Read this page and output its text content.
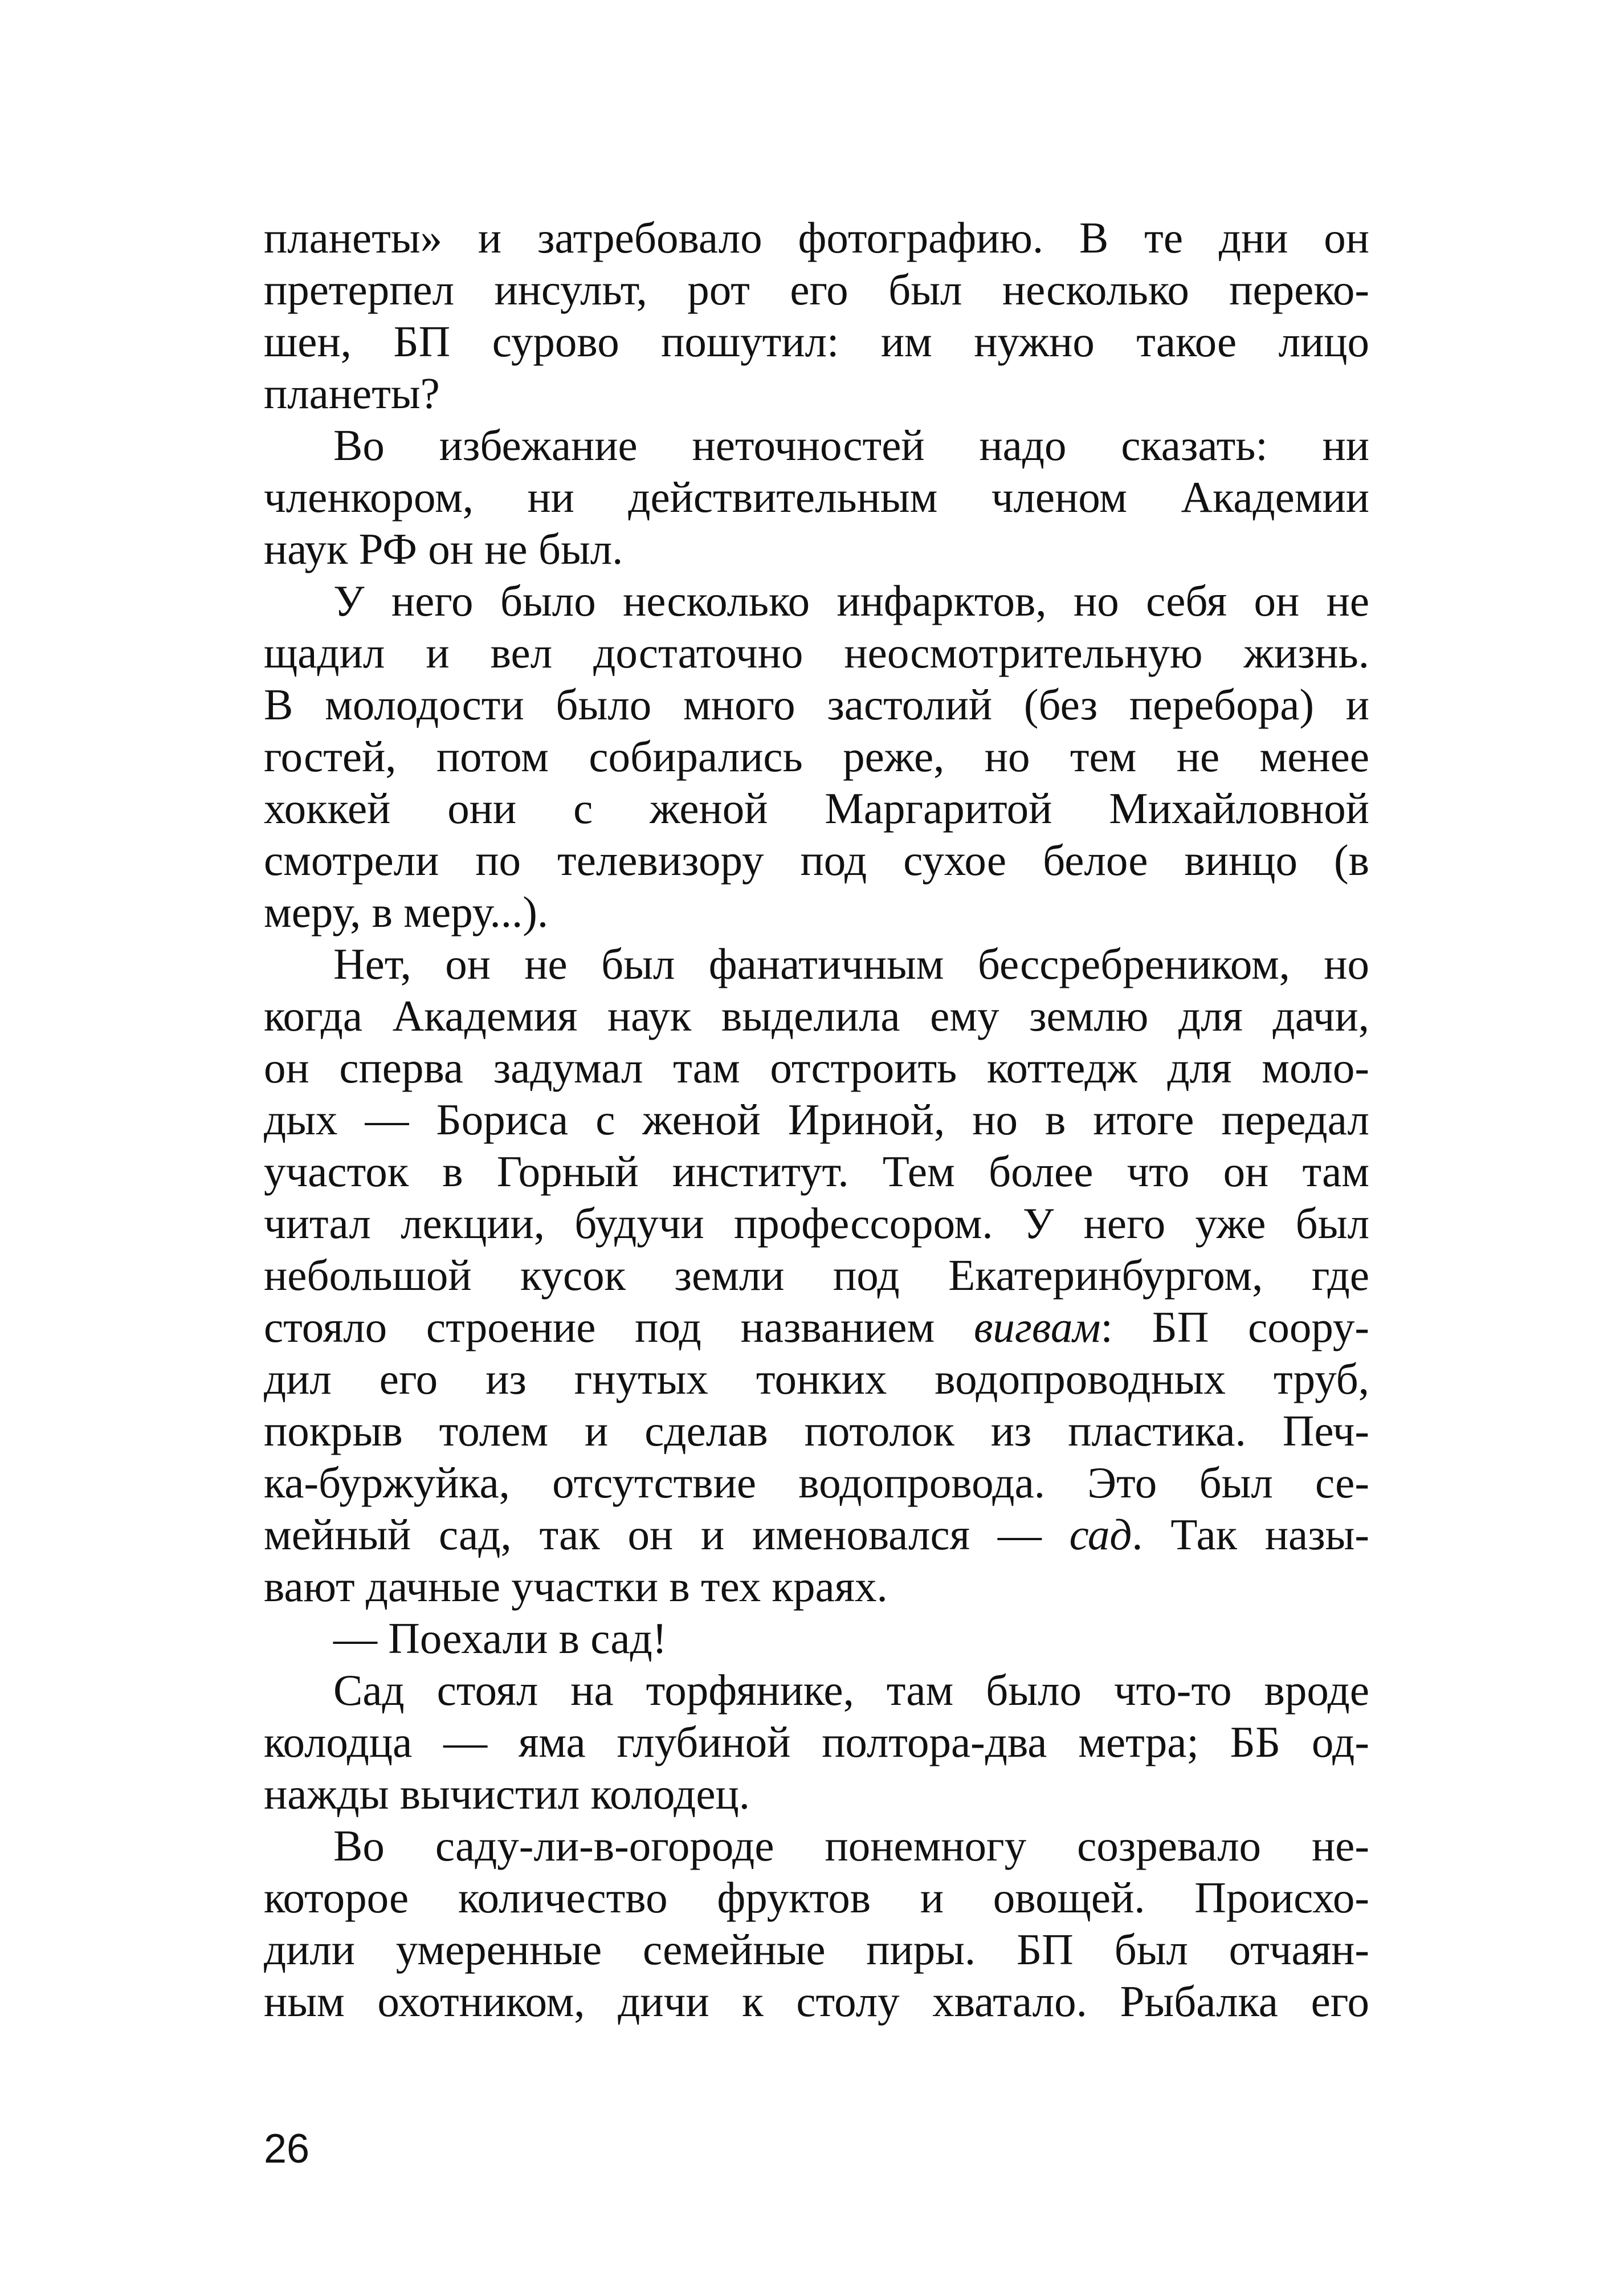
планеты» и затребовало фотографию. В те дни он
претерпел инсульт, рот его был несколько переко-
шен, БП сурово пошутил: им нужно такое лицо
планеты?
Во избежание неточностей надо сказать: ни
членкором, ни действительным членом Академии
наук РФ он не был.
У него было несколько инфарктов, но себя он не
щадил и вел достаточно неосмотрительную жизнь.
В молодости было много застолий (без перебора) и
гостей, потом собирались реже, но тем не менее
хоккей они с женой Маргаритой Михайловной
смотрели по телевизору под сухое белое винцо (в
меру, в меру...).
Нет, он не был фанатичным бессребреником, но
когда Академия наук выделила ему землю для дачи,
он сперва задумал там отстроить коттедж для моло-
дых — Бориса с женой Ириной, но в итоге передал
участок в Горный институт. Тем более что он там
читал лекции, будучи профессором. У него уже был
небольшой кусок земли под Екатеринбургом, где
стояло строение под названием вигвам: БП соору-
дил его из гнутых тонких водопроводных труб,
покрыв толем и сделав потолок из пластика. Печ-
ка-буржуйка, отсутствие водопровода. Это был се-
мейный сад, так он и именовался — сад. Так назы-
вают дачные участки в тех краях.
— Поехали в сад!
Сад стоял на торфянике, там было что-то вроде
колодца — яма глубиной полтора-два метра; ББ од-
нажды вычистил колодец.
Во саду-ли-в-огороде понемногу созревало не-
которое количество фруктов и овощей. Происхо-
дили умеренные семейные пиры. БП был отчаян-
ным охотником, дичи к столу хватало. Рыбалка его
26
